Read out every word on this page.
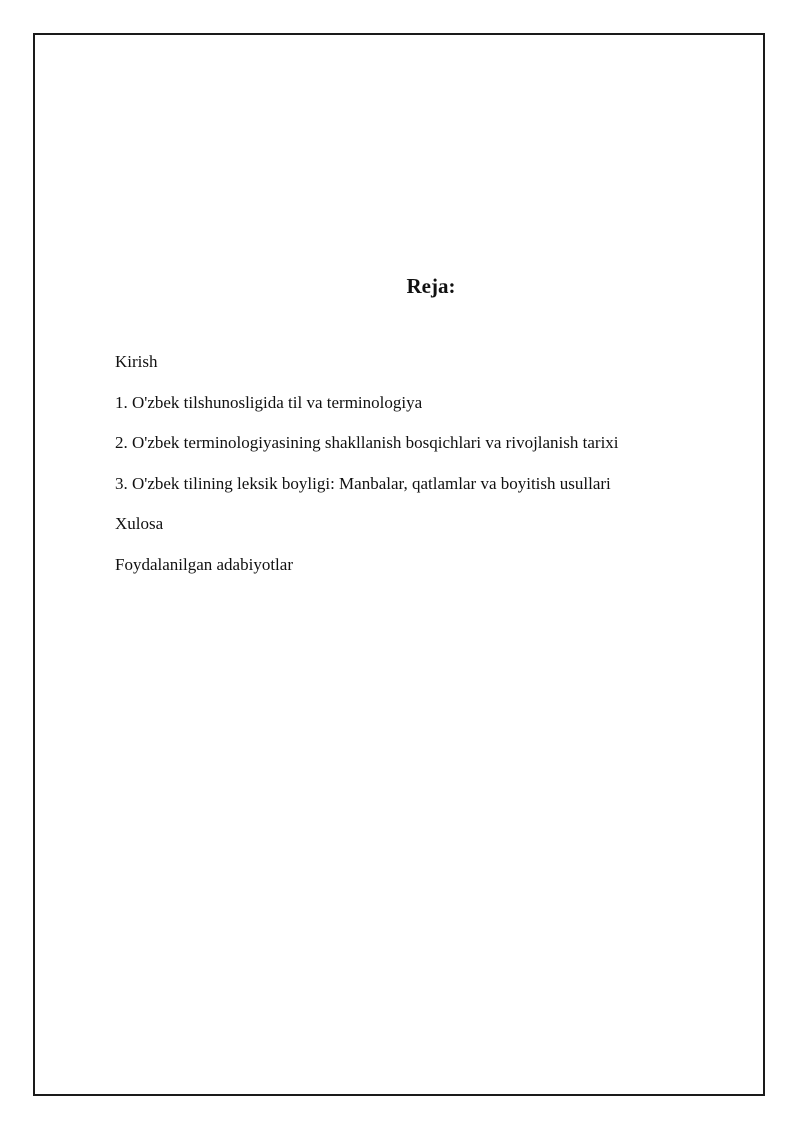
Reja:
Kirish
1. O'zbek tilshunosligida til va terminologiya
2. O'zbek terminologiyasining shakllanish bosqichlari va rivojlanish tarixi
3. O'zbek tilining leksik boyligi: Manbalar, qatlamlar va boyitish usullari
Xulosa
Foydalanilgan adabiyotlar
